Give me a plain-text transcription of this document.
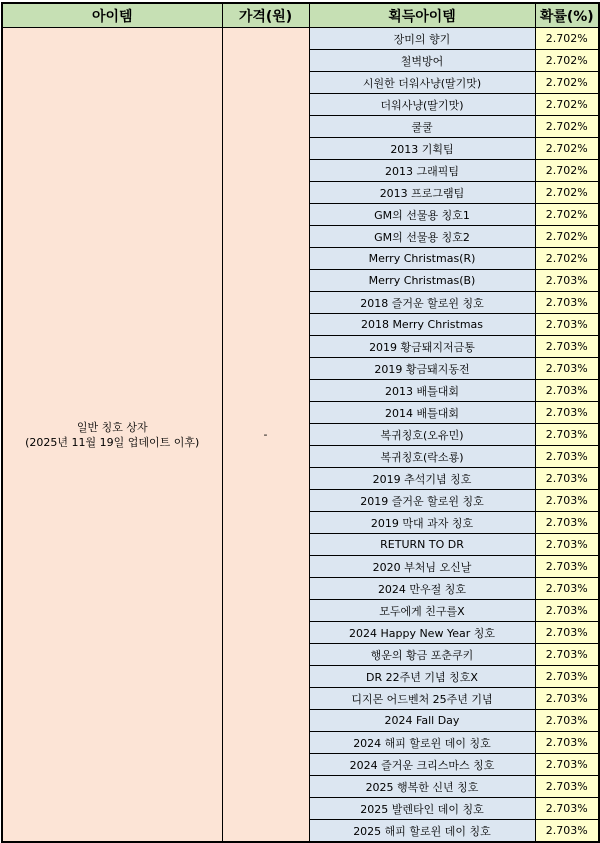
아이템	가격(원)	획득아이템	확률(%)

일반 칭호 상자
(2025년 11월 19일 업데이트 이후)	-	장미의 향기	2.702%
		철벽방어	2.702%
		시원한 더워사냥(딸기맛)	2.702%
		더워사냥(딸기맛)	2.702%
		쿨쿨	2.702%
		2013 기획팀	2.702%
		2013 그래픽팀	2.702%
		2013 프로그램팀	2.702%
		GM의 선물용 칭호1	2.702%
		GM의 선물용 칭호2	2.702%
		Merry Christmas(R)	2.702%
		Merry Christmas(B)	2.703%
		2018 즐거운 할로윈 칭호	2.703%
		2018 Merry Christmas	2.703%
		2019 황금돼지저금통	2.703%
		2019 황금돼지동전	2.703%
		2013 배틀대회	2.703%
		2014 배틀대회	2.703%
		복귀칭호(오유민)	2.703%
		복귀칭호(락소룡)	2.703%
		2019 추석기념 칭호	2.703%
		2019 즐거운 할로윈 칭호	2.703%
		2019 막대 과자 칭호	2.703%
		RETURN TO DR	2.703%
		2020 부처님 오신날	2.703%
		2024 만우절 칭호	2.703%
		모두에게 친구를X	2.703%
		2024 Happy New Year 칭호	2.703%
		행운의 황금 포춘쿠키	2.703%
		DR 22주년 기념 칭호X	2.703%
		디지몬 어드벤처 25주년 기념	2.703%
		2024 Fall Day	2.703%
		2024 해피 할로윈 데이 칭호	2.703%
		2024 즐거운 크리스마스 칭호	2.703%
		2025 행복한 신년 칭호	2.703%
		2025 발렌타인 데이 칭호	2.703%
		2025 해피 할로윈 데이 칭호	2.703%
